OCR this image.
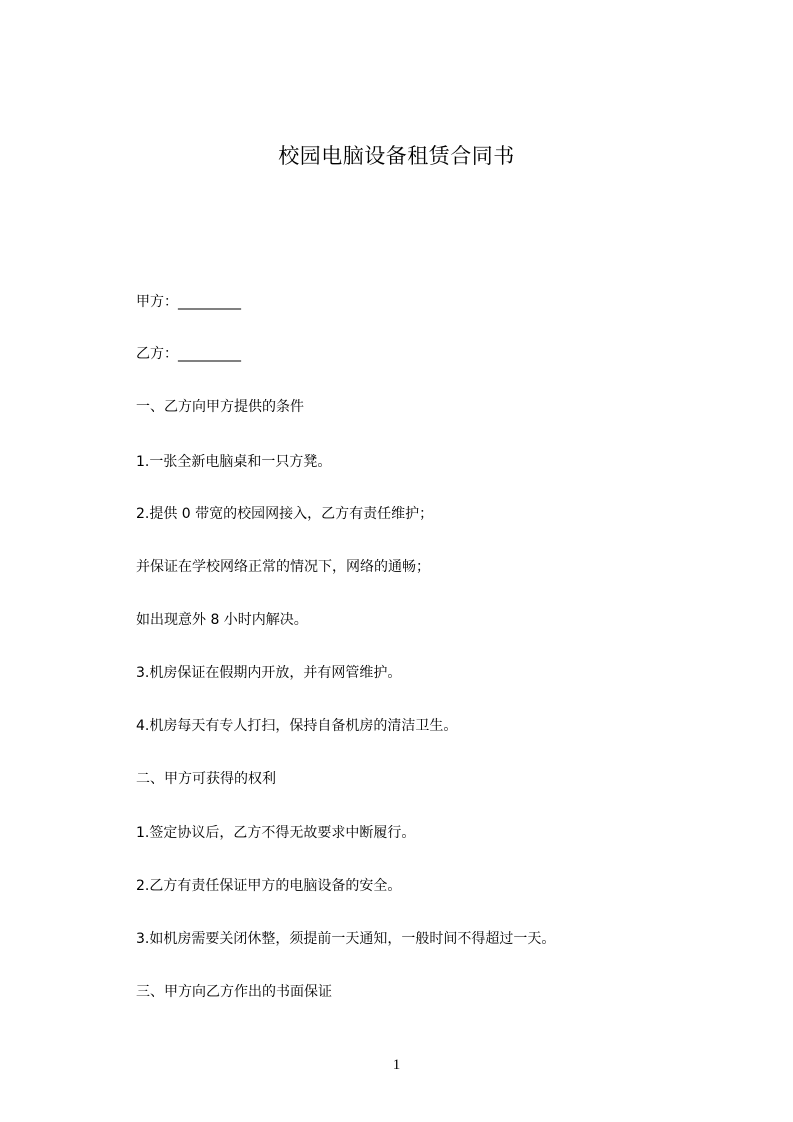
校园电脑设备租赁合同书
甲方：_________
乙方：_________
一、乙方向甲方提供的条件
1.一张全新电脑桌和一只方凳。
2.提供 0 带宽的校园网接入，乙方有责任维护；
并保证在学校网络正常的情况下，网络的通畅；
如出现意外 8 小时内解决。
3.机房保证在假期内开放，并有网管维护。
4.机房每天有专人打扫，保持自备机房的清洁卫生。
二、甲方可获得的权利
1.签定协议后，乙方不得无故要求中断履行。
2.乙方有责任保证甲方的电脑设备的安全。
3.如机房需要关闭休整，须提前一天通知，一般时间不得超过一天。
三、甲方向乙方作出的书面保证
1
